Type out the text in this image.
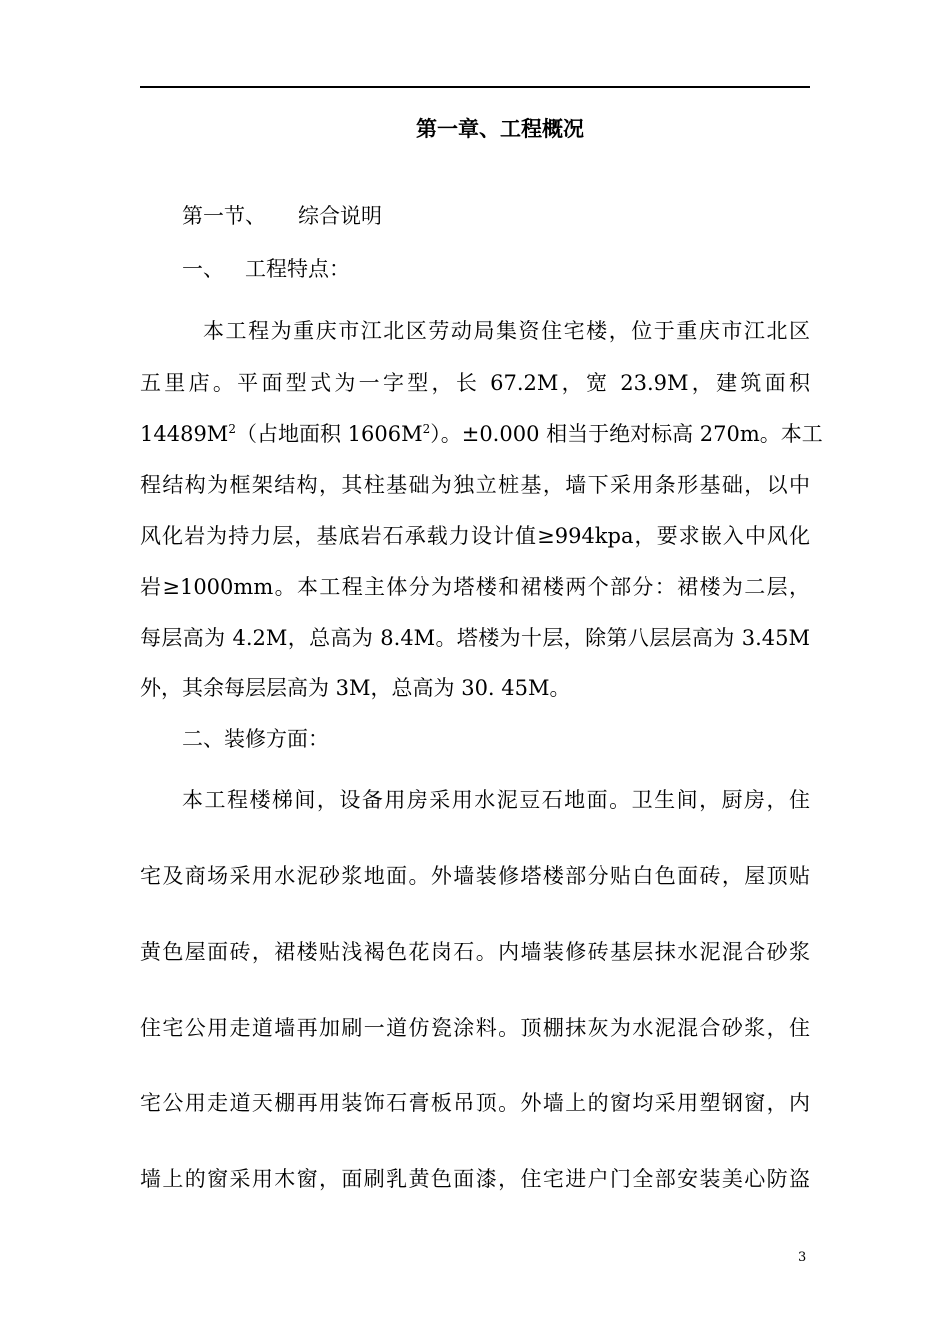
第一章、工程概况
第一节、 综合说明
一、 工程特点：
本工程为重庆市江北区劳动局集资住宅楼，位于重庆市江北区
五里店。平面型式为一字型，长 67.2M，宽 23.9M，建筑面积
$14489M^2$（占地面积 $1606M^2$）。±0.000 相当于绝对标高 270m。本工
程结构为框架结构，其柱基础为独立桩基，墙下采用条形基础，以中
风化岩为持力层，基底岩石承载力设计值≥994kpa，要求嵌入中风化
岩≥1000mm。本工程主体分为塔楼和裙楼两个部分：裙楼为二层，
每层高为 4.2M，总高为 8.4M。塔楼为十层，除第八层层高为 3.45M
外，其余每层层高为 3M，总高为 30. 45M。
二、装修方面：
本工程楼梯间，设备用房采用水泥豆石地面。卫生间，厨房，住
宅及商场采用水泥砂浆地面。外墙装修塔楼部分贴白色面砖，屋顶贴
黄色屋面砖，裙楼贴浅褐色花岗石。内墙装修砖基层抹水泥混合砂浆
住宅公用走道墙再加刷一道仿瓷涂料。顶棚抹灰为水泥混合砂浆，住
宅公用走道天棚再用装饰石膏板吊顶。外墙上的窗均采用塑钢窗，内
墙上的窗采用木窗，面刷乳黄色面漆，住宅进户门全部安装美心防盗
3
